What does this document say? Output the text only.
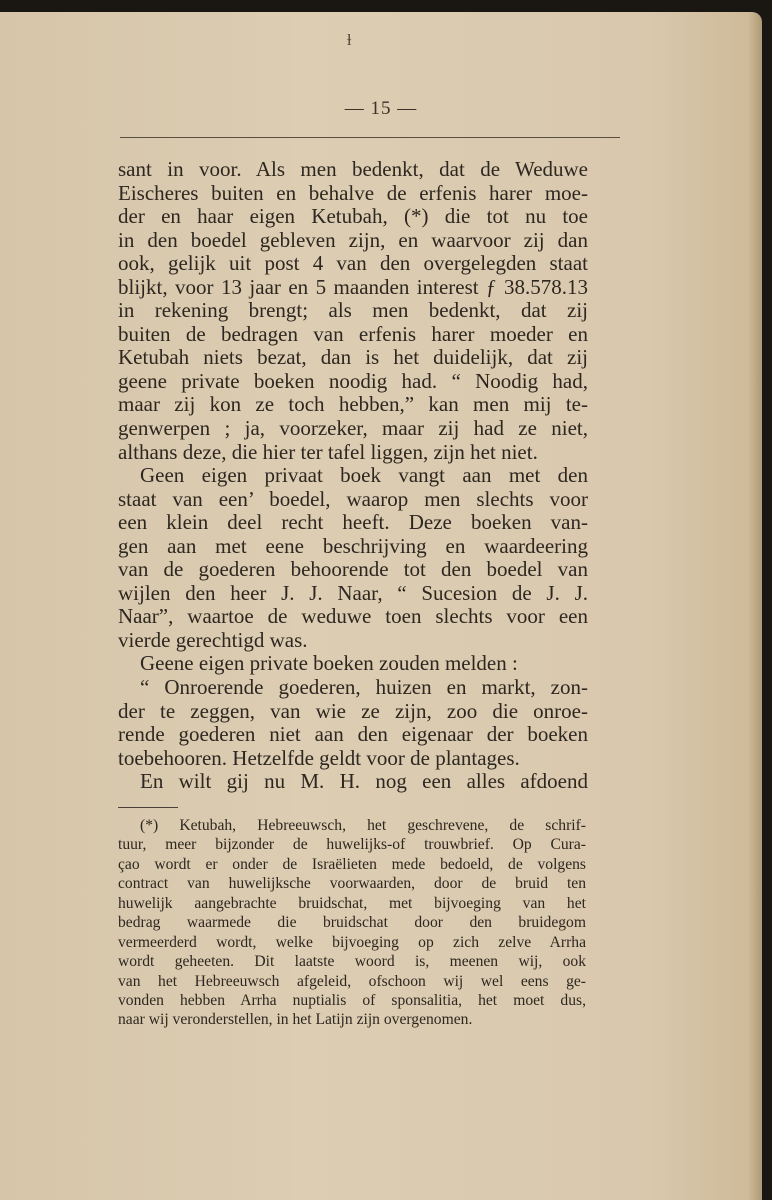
ɫ
— 15 —
sant in voor. Als men bedenkt, dat de Weduwe
Eischeres buiten en behalve de erfenis harer moe-
der en haar eigen Ketubah, (*) die tot nu toe
in den boedel gebleven zijn, en waarvoor zij dan
ook, gelijk uit post 4 van den overgelegden staat
blijkt, voor 13 jaar en 5 maanden interest ƒ 38.578.13
in rekening brengt; als men bedenkt, dat zij
buiten de bedragen van erfenis harer moeder en
Ketubah niets bezat, dan is het duidelijk, dat zij
geene private boeken noodig had. “ Noodig had,
maar zij kon ze toch hebben,” kan men mij te-
genwerpen ; ja, voorzeker, maar zij had ze niet,
althans deze, die hier ter tafel liggen, zijn het niet.
Geen eigen privaat boek vangt aan met den
staat van een’ boedel, waarop men slechts voor
een klein deel recht heeft. Deze boeken van-
gen aan met eene beschrijving en waardeering
van de goederen behoorende tot den boedel van
wijlen den heer J. J. Naar, “ Sucesion de J. J.
Naar”, waartoe de weduwe toen slechts voor een
vierde gerechtigd was.
Geene eigen private boeken zouden melden :
“ Onroerende goederen, huizen en markt, zon-
der te zeggen, van wie ze zijn, zoo die onroe-
rende goederen niet aan den eigenaar der boeken
toebehooren. Hetzelfde geldt voor de plantages.
En wilt gij nu M. H. nog een alles afdoend
(*) Ketubah, Hebreeuwsch, het geschrevene, de schrif-
tuur, meer bijzonder de huwelijks-of trouwbrief. Op Cura-
çao wordt er onder de Israëlieten mede bedoeld, de volgens
contract van huwelijksche voorwaarden, door de bruid ten
huwelijk aangebrachte bruidschat, met bijvoeging van het
bedrag waarmede die bruidschat door den bruidegom
vermeerderd wordt, welke bijvoeging op zich zelve Arrha
wordt geheeten. Dit laatste woord is, meenen wij, ook
van het Hebreeuwsch afgeleid, ofschoon wij wel eens ge-
vonden hebben Arrha nuptialis of sponsalitia, het moet dus,
naar wij veronderstellen, in het Latijn zijn overgenomen.
